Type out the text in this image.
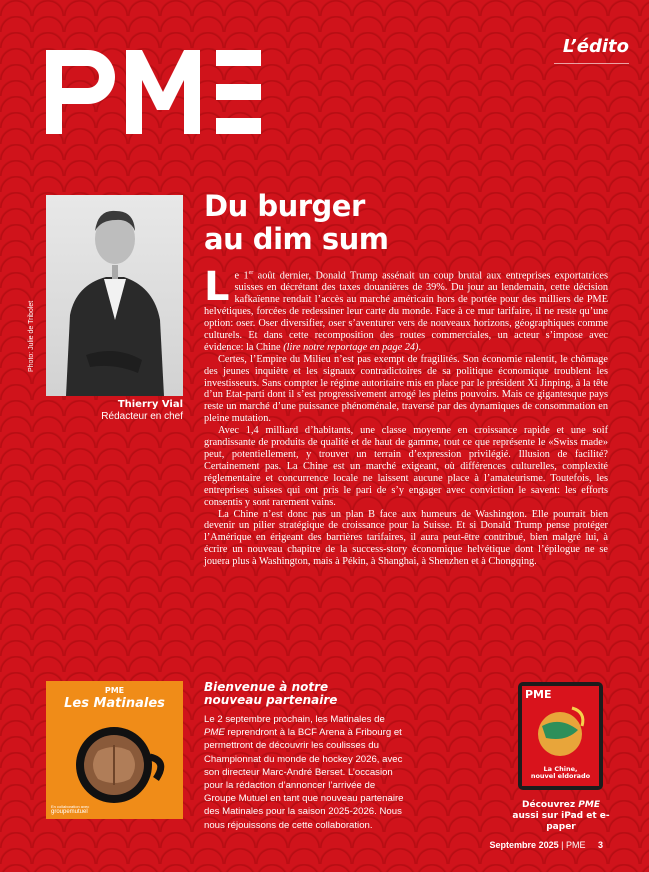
L’édito
Photo: Julie de Tribolet
Thierry Vial
Rédacteur en chef
Du burger
au dim sum

Le 1er août dernier, Donald Trump assénait un coup brutal aux entreprises exportatrices suisses en décrétant des taxes douanières de 39%. Du jour au lendemain, cette décision kafkaïenne rendait l’accès au marché américain hors de portée pour des milliers de PME helvétiques, forcées de redessiner leur carte du monde. Face à ce mur tarifaire, il ne reste qu’une option: oser. Oser diversifier, oser s’aventurer vers de nouveaux horizons, géographiques comme culturels. Et dans cette recomposition des routes commerciales, un acteur s’impose avec évidence: la Chine (lire notre reportage en page 24).

Certes, l’Empire du Milieu n’est pas exempt de fragilités. Son économie ralentit, le chômage des jeunes inquiète et les signaux contradictoires de sa politique économique troublent les investisseurs. Sans compter le régime autoritaire mis en place par le président Xi Jinping, à la tête d’un Etat-parti dont il s’est progressivement arrogé les pleins pouvoirs. Mais ce gigantesque pays reste un marché d’une puissance phénoménale, traversé par des dynamiques de consommation en pleine mutation.

Avec 1,4 milliard d’habitants, une classe moyenne en croissance rapide et une soif grandissante de produits de qualité et de haut de gamme, tout ce que représente le «Swiss made» peut, potentiellement, y trouver un terrain d’expression privilégié. Illusion de facilité? Certainement pas. La Chine est un marché exigeant, où différences culturelles, complexité réglementaire et concurrence locale ne laissent aucune place à l’amateurisme. Toutefois, les entreprises suisses qui ont pris le pari de s’y engager avec conviction le savent: les efforts consentis y sont rarement vains.

La Chine n’est donc pas un plan B face aux humeurs de Washington. Elle pourrait bien devenir un pilier stratégique de croissance pour la Suisse. Et si Donald Trump pense protéger l’Amérique en érigeant des barrières tarifaires, il aura peut-être contribué, bien malgré lui, à écrire un nouveau chapitre de la success-story économique helvétique dont l’épilogue ne se jouera plus à Washington, mais à Pékin, à Shanghai, à Shenzhen et à Chongqing.

PME
Les Matinales
En collaboration avec
groupemutuel
Bienvenue à notre
nouveau partenaire

Le 2 septembre prochain, les Matinales de PME reprendront à la BCF Arena à Fribourg et permettront de découvrir les coulisses du Championnat du monde de hockey 2026, avec son directeur Marc-André Berset. L’occasion pour la rédaction d’annoncer l’arrivée de Groupe Mutuel en tant que nouveau partenaire des Matinales pour la saison 2025-2026. Nous nous réjouissons de cette collaboration.

PME
La Chine,
nouvel eldorado
Découvrez PME aussi sur iPad et e-paper
Septembre 2025 | PME 3
